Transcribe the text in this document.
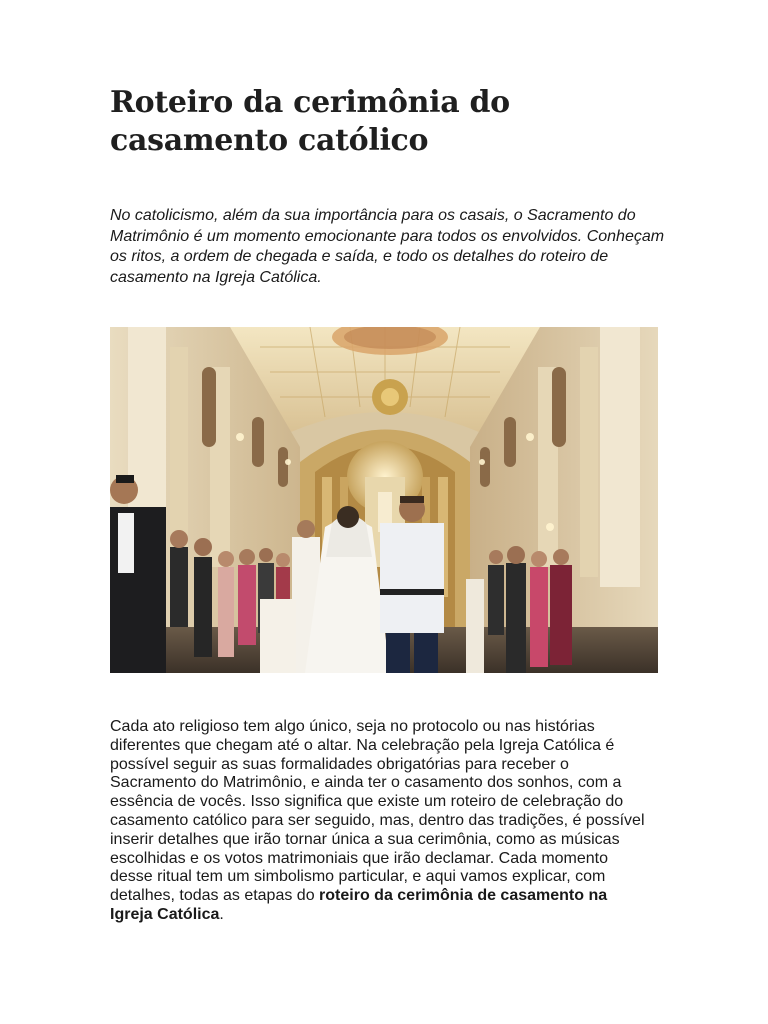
Roteiro da cerimônia do casamento católico

No catolicismo, além da sua importância para os casais, o Sacramento do Matrimônio é um momento emocionante para todos os envolvidos. Conheçam os ritos, a ordem de chegada e saída, e todo os detalhes do roteiro de casamento na Igreja Católica.

Cada ato religioso tem algo único, seja no protocolo ou nas histórias diferentes que chegam até o altar. Na celebração pela Igreja Católica é possível seguir as suas formalidades obrigatórias para receber o Sacramento do Matrimônio, e ainda ter o casamento dos sonhos, com a essência de vocês. Isso significa que existe um roteiro de celebração do casamento católico para ser seguido, mas, dentro das tradições, é possível inserir detalhes que irão tornar única a sua cerimônia, como as músicas escolhidas e os votos matrimoniais que irão declamar. Cada momento desse ritual tem um simbolismo particular, e aqui vamos explicar, com detalhes, todas as etapas do roteiro da cerimônia de casamento na Igreja Católica.
